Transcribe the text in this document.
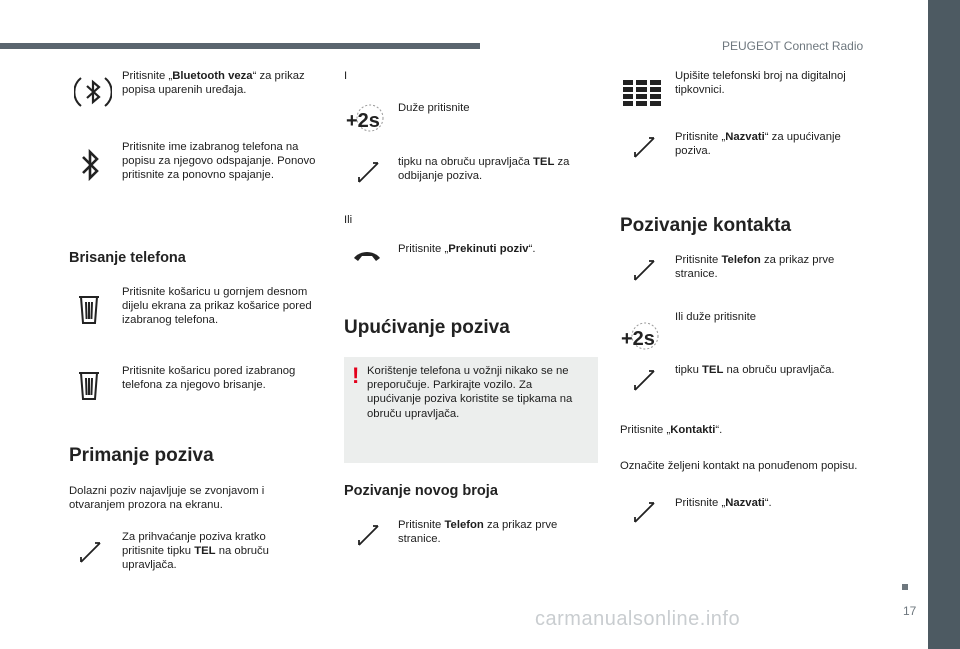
PEUGEOT Connect Radio
17
carmanualsonline.info
Pritisnite „Bluetooth veza“ za prikaz popisa uparenih uređaja.
Pritisnite ime izabranog telefona na popisu za njegovo odspajanje. Ponovo pritisnite za ponovno spajanje.
Brisanje telefona
Pritisnite košaricu u gornjem desnom dijelu ekrana za prikaz košarice pored izabranog telefona.
Pritisnite košaricu pored izabranog telefona za njegovo brisanje.
Primanje poziva
Dolazni poziv najavljuje se zvonjavom i otvaranjem prozora na ekranu.
Za prihvaćanje poziva kratko pritisnite tipku TEL na obruču upravljača.
I
+2s
Duže pritisnite
tipku na obruču upravljača TEL za odbijanje poziva.
Ili
Pritisnite „Prekinuti poziv“.
Upućivanje poziva
! Korištenje telefona u vožnji nikako se ne preporučuje. Parkirajte vozilo. Za upućivanje poziva koristite se tipkama na obruču upravljača.
Pozivanje novog broja
Pritisnite Telefon za prikaz prve stranice.
Upišite telefonski broj na digitalnoj tipkovnici.
Pritisnite „Nazvati“ za upućivanje poziva.
Pozivanje kontakta
Pritisnite Telefon za prikaz prve stranice.
+2s
Ili duže pritisnite
tipku TEL na obruču upravljača.
Pritisnite „Kontakti“.
Označite željeni kontakt na ponuđenom popisu.
Pritisnite „Nazvati“.
